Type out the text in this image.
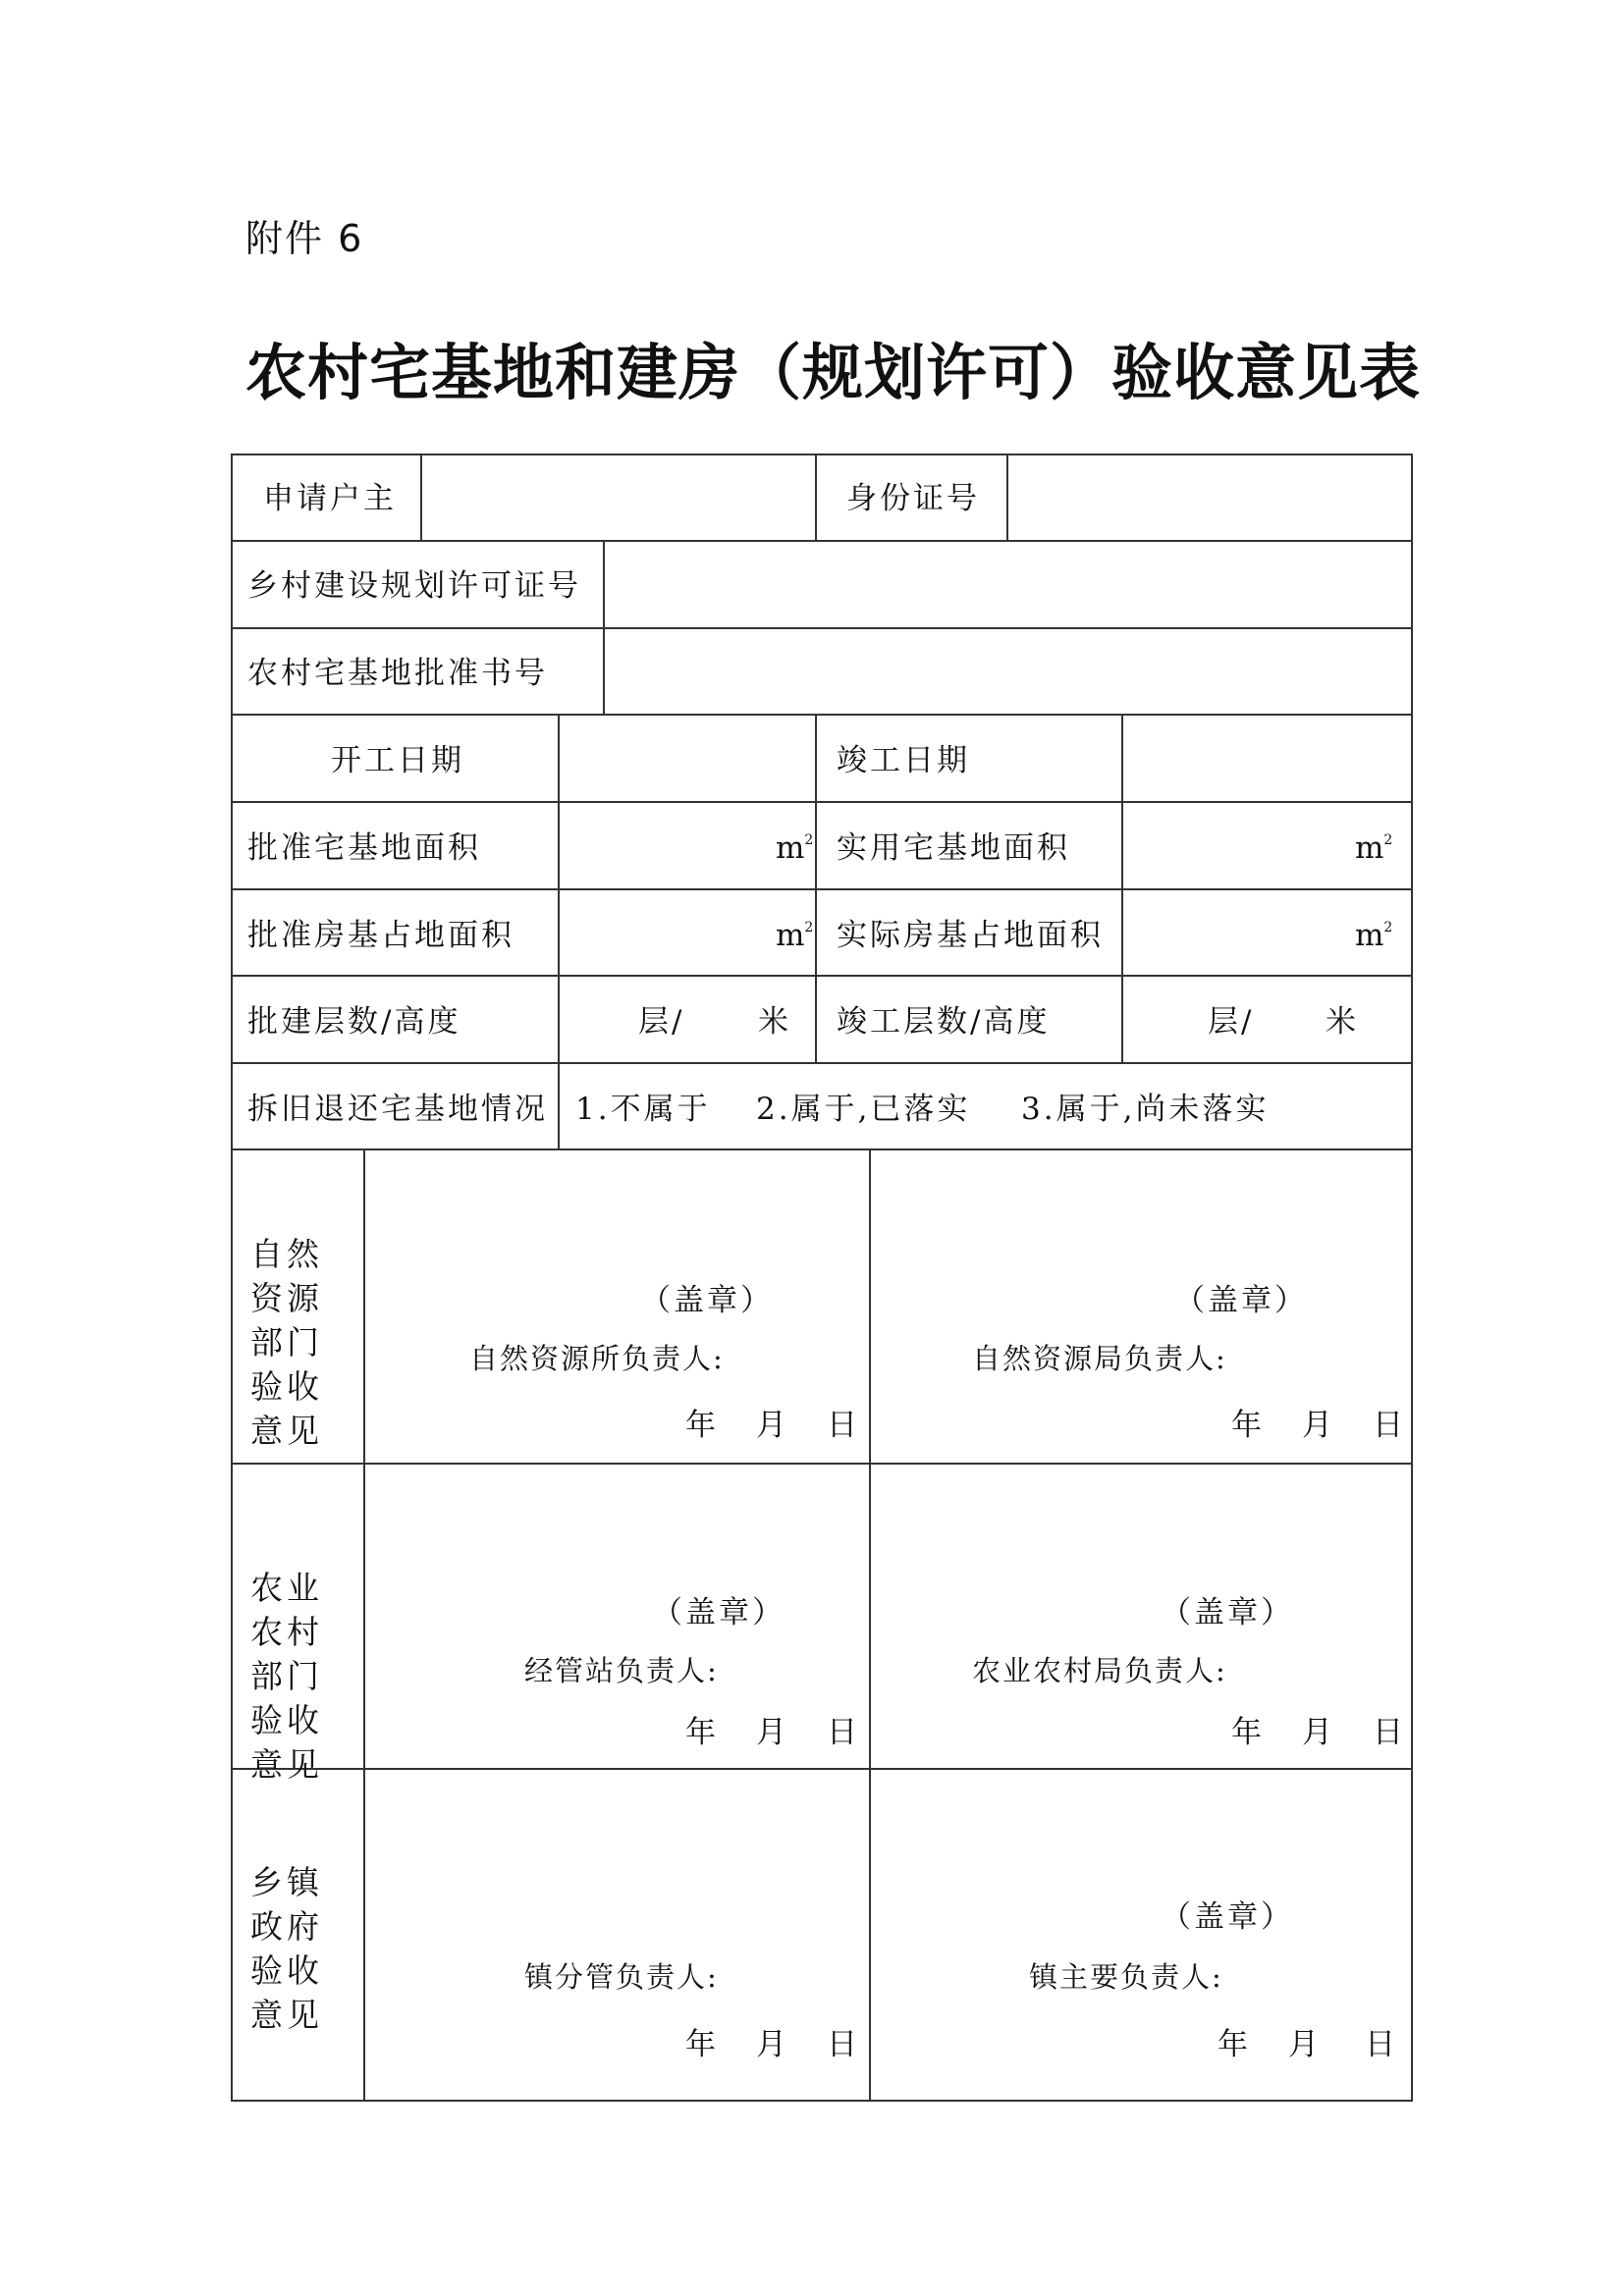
附件 6
农村宅基地和建房（规划许可）验收意见表
申请户主	身份证号
乡村建设规划许可证号
农村宅基地批准书号
开工日期	竣工日期
批准宅基地面积	$m^2$ 实用宅基地面积	$m^2$
批准房基占地面积	$m^2$ 实际房基占地面积	$m^2$
批建层数/高度	层/ 米 竣工层数/高度	层/ 米
拆旧退还宅基地情况 1.不属于 2.属于,已落实 3.属于,尚未落实
自然资源部门验收意见
（盖章）
自然资源所负责人:
年 月 日
（盖章）
自然资源局负责人:
年 月 日
农业农村部门验收意见
（盖章）
经管站负责人:
年 月 日
（盖章）
农业农村局负责人:
年 月 日
乡镇政府验收意见
镇分管负责人:
年 月 日
（盖章）
镇主要负责人:
年 月 日
